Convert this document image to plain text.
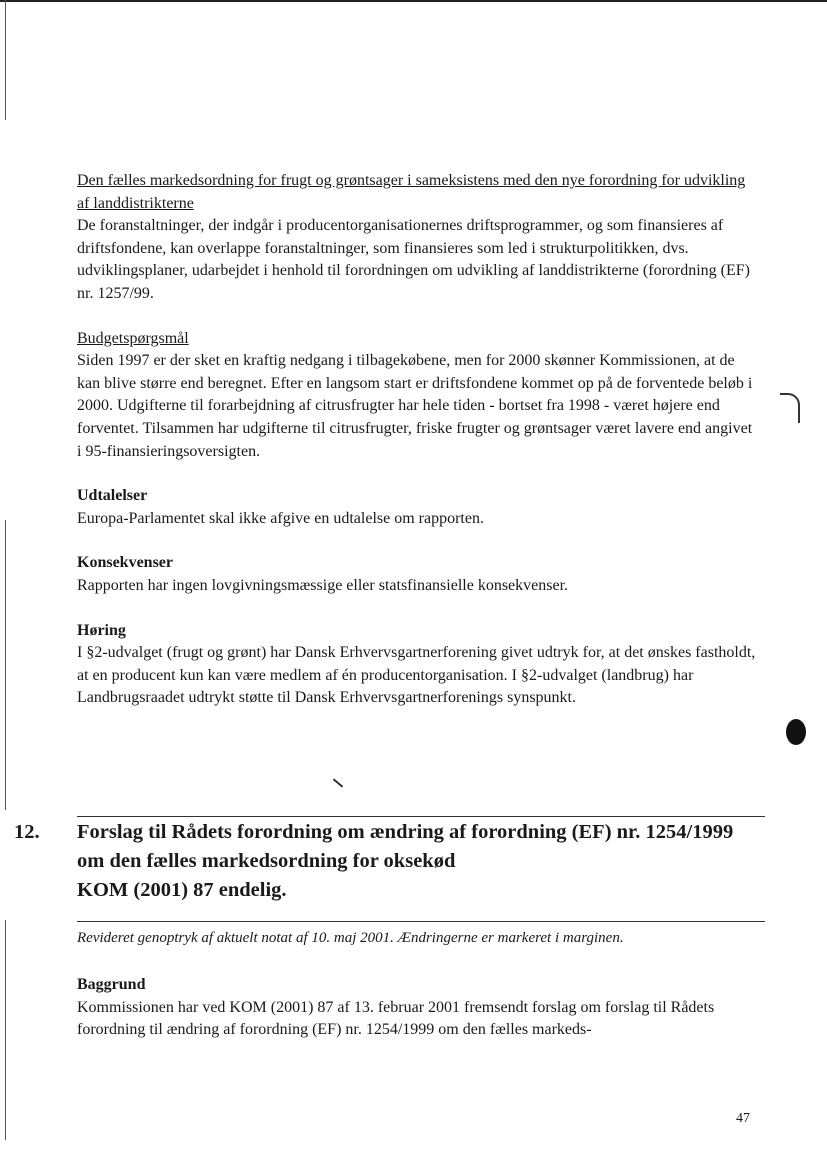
Den fælles markedsordning for frugt og grøntsager i sameksistens med den nye forordning for udvikling af landdistrikterne

De foranstaltninger, der indgår i producentorganisationernes driftsprogrammer, og som finansieres af driftsfondene, kan overlappe foranstaltninger, som finansieres som led i strukturpolitikken, dvs. udviklingsplaner, udarbejdet i henhold til forordningen om udvikling af landdistrikterne (forordning (EF) nr. 1257/99.

Budgetspørgsmål

Siden 1997 er der sket en kraftig nedgang i tilbagekøbene, men for 2000 skønner Kommissionen, at de kan blive større end beregnet. Efter en langsom start er driftsfondene kommet op på de forventede beløb i 2000. Udgifterne til forarbejdning af citrusfrugter har hele tiden - bortset fra 1998 - været højere end forventet. Tilsammen har udgifterne til citrusfrugter, friske frugter og grøntsager været lavere end angivet i 95-finansieringsoversigten.

Udtalelser

Europa-Parlamentet skal ikke afgive en udtalelse om rapporten.

Konsekvenser

Rapporten har ingen lovgivningsmæssige eller statsfinansielle konsekvenser.

Høring

I §2-udvalget (frugt og grønt) har Dansk Erhvervsgartnerforening givet udtryk for, at det ønskes fastholdt, at en producent kun kan være medlem af én producentorganisation. I §2-udvalget (landbrug) har Landbrugsraadet udtrykt støtte til Dansk Erhvervsgartnerforenings synspunkt.

12. Forslag til Rådets forordning om ændring af forordning (EF) nr. 1254/1999
om den fælles markedsordning for oksekød
KOM (2001) 87 endelig.
Revideret genoptryk af aktuelt notat af 10. maj 2001. Ændringerne er markeret i marginen.
Baggrund

Kommissionen har ved KOM (2001) 87 af 13. februar 2001 fremsendt forslag om forslag til Rådets forordning til ændring af forordning (EF) nr. 1254/1999 om den fælles markeds-

47
